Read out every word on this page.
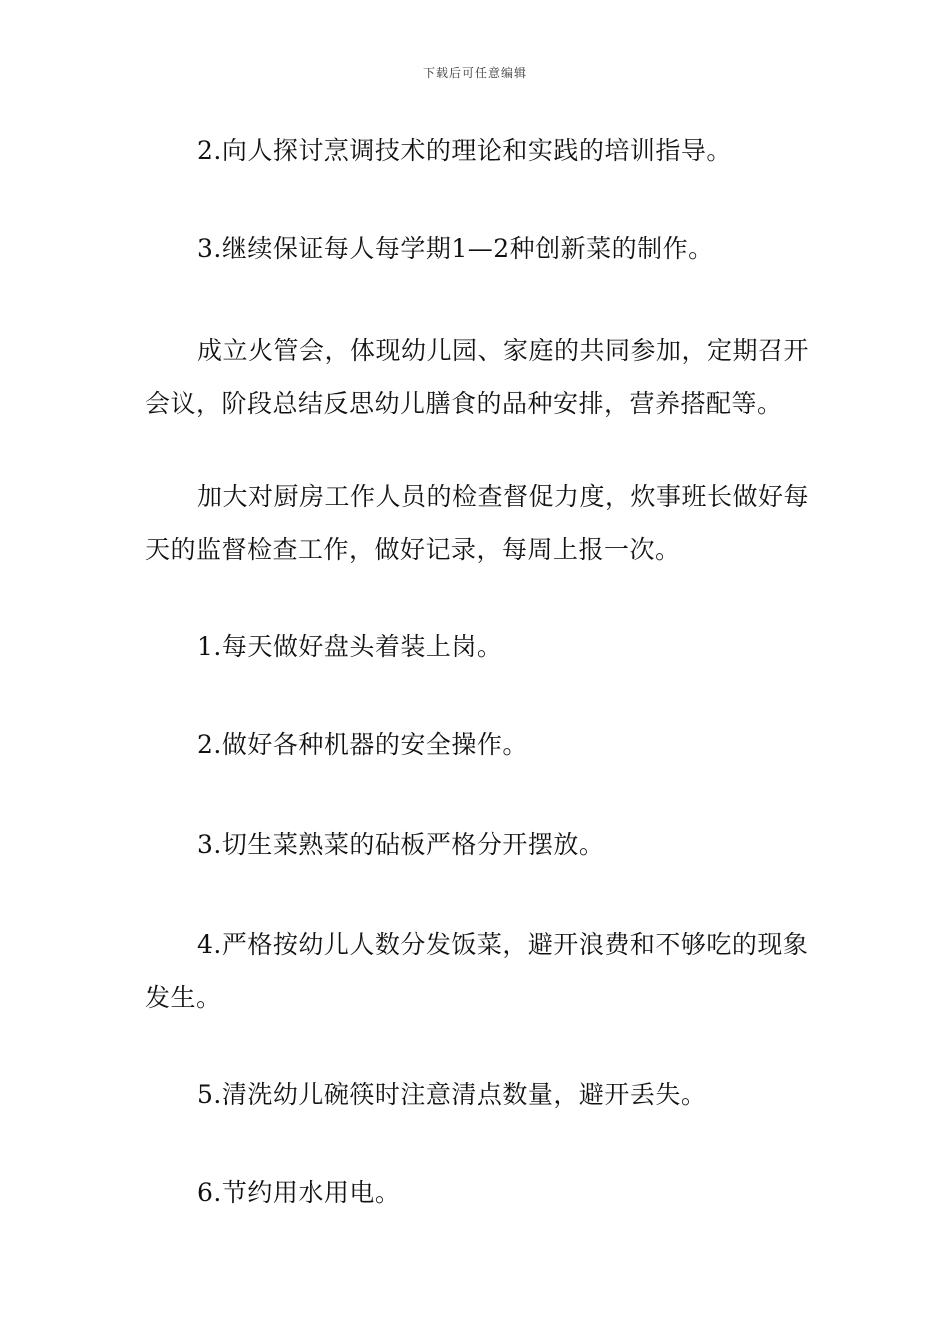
下载后可任意编辑

2.向人探讨烹调技术的理论和实践的培训指导。

3.继续保证每人每学期1—2种创新菜的制作。

成立火管会，体现幼儿园、家庭的共同参加，定期召开会议，阶段总结反思幼儿膳食的品种安排，营养搭配等。

加大对厨房工作人员的检查督促力度，炊事班长做好每天的监督检查工作，做好记录，每周上报一次。

1.每天做好盘头着装上岗。

2.做好各种机器的安全操作。

3.切生菜熟菜的砧板严格分开摆放。

4.严格按幼儿人数分发饭菜，避开浪费和不够吃的现象发生。

5.清洗幼儿碗筷时注意清点数量，避开丢失。

6.节约用水用电。
